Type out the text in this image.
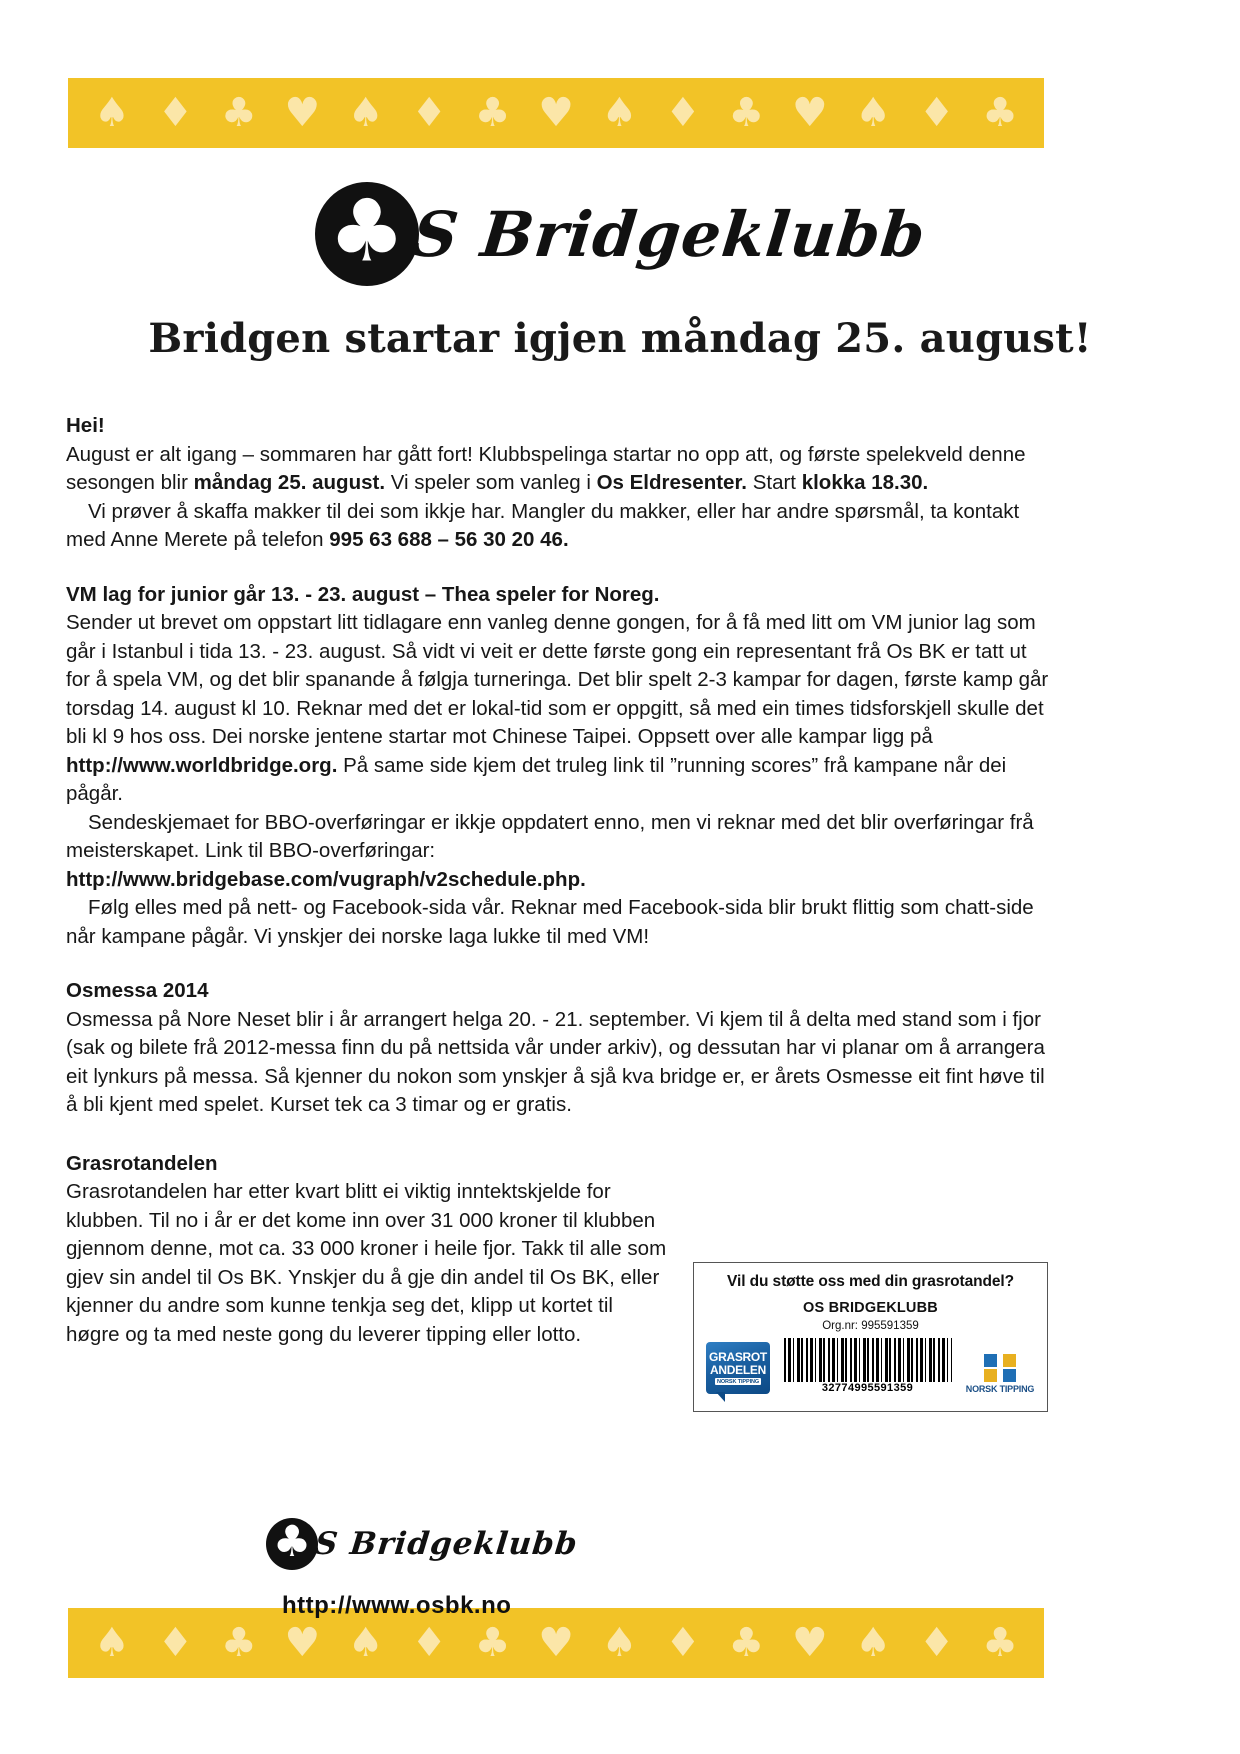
♠ ♦ ♣ ♥ ♠ ♦ ♣ ♥ ♠ ♦ ♣ ♥ ♠ ♦ ♣
♣ S Bridgeklubb
Bridgen startar igjen måndag 25. august!

Hei!

August er alt igang – sommaren har gått fort! Klubbspelinga startar no opp att, og første spelekveld denne sesongen blir måndag 25. august. Vi speler som vanleg i Os Eldresenter. Start klokka 18.30.

Vi prøver å skaffa makker til dei som ikkje har. Mangler du makker, eller har andre spørsmål, ta kontakt med Anne Merete på telefon 995 63 688 – 56 30 20 46.

VM lag for junior går 13. - 23. august – Thea speler for Noreg.

Sender ut brevet om oppstart litt tidlagare enn vanleg denne gongen, for å få med litt om VM junior lag som går i Istanbul i tida 13. - 23. august. Så vidt vi veit er dette første gong ein representant frå Os BK er tatt ut for å spela VM, og det blir spanande å følgja turneringa. Det blir spelt 2-3 kampar for dagen, første kamp går torsdag 14. august kl 10. Reknar med det er lokal-tid som er oppgitt, så med ein times tidsforskjell skulle det bli kl 9 hos oss. Dei norske jentene startar mot Chinese Taipei. Oppsett over alle kampar ligg på http://www.worldbridge.org. På same side kjem det truleg link til ”running scores” frå kampane når dei pågår.

Sendeskjemaet for BBO-overføringar er ikkje oppdatert enno, men vi reknar med det blir overføringar frå meisterskapet. Link til BBO-overføringar:

http://www.bridgebase.com/vugraph/v2schedule.php.

Følg elles med på nett- og Facebook-sida vår. Reknar med Facebook-sida blir brukt flittig som chatt-side når kampane pågår. Vi ynskjer dei norske laga lukke til med VM!

Osmessa 2014

Osmessa på Nore Neset blir i år arrangert helga 20. - 21. september. Vi kjem til å delta med stand som i fjor (sak og bilete frå 2012-messa finn du på nettsida vår under arkiv), og dessutan har vi planar om å arrangera eit lynkurs på messa. Så kjenner du nokon som ynskjer å sjå kva bridge er, er årets Osmesse eit fint høve til å bli kjent med spelet. Kurset tek ca 3 timar og er gratis.

Grasrotandelen

Grasrotandelen har etter kvart blitt ei viktig inntektskjelde for klubben. Til no i år er det kome inn over 31 000 kroner til klubben gjennom denne, mot ca. 33 000 kroner i heile fjor. Takk til alle som gjev sin andel til Os BK. Ynskjer du å gje din andel til Os BK, eller kjenner du andre som kunne tenkja seg det, klipp ut kortet til høgre og ta med neste gong du leverer tipping eller lotto.

Vil du støtte oss med din grasrotandel?
OS BRIDGEKLUBB
Org.nr: 995591359
GRASROT
ANDELEN
NORSK TIPPING
32774995591359	NORSK TIPPING
♣ S Bridgeklubb
http://www.osbk.no
♠ ♦ ♣ ♥ ♠ ♦ ♣ ♥ ♠ ♦ ♣ ♥ ♠ ♦ ♣
